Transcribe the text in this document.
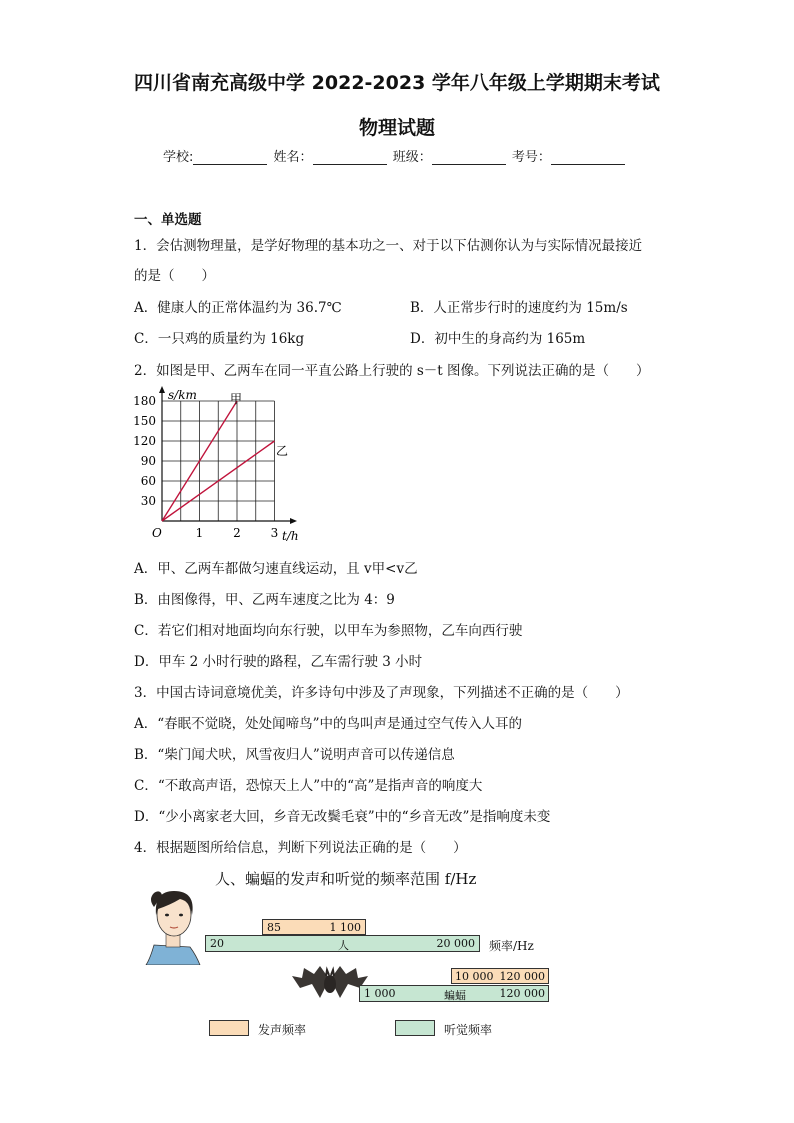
四川省南充高级中学 2022-2023 学年八年级上学期期末考试
物理试题
学校:	姓名：	班级：	考号：
一、单选题
1．会估测物理量，是学好物理的基本功之一、对于以下估测你认为与实际情况最接近
的是（　　）
A．健康人的正常体温约为 36.7℃	B．人正常步行时的速度约为 15m/s
C．一只鸡的质量约为 16kg	D．初中生的身高约为 165m
2．如图是甲、乙两车在同一平直公路上行驶的 s－t 图像。下列说法正确的是（　　）
180
150
120
90
60
30
1 2 3
s/km
t/h
O
甲
乙
A．甲、乙两车都做匀速直线运动，且 v甲<v乙
B．由图像得，甲、乙两车速度之比为 4：9
C．若它们相对地面均向东行驶，以甲车为参照物，乙车向西行驶
D．甲车 2 小时行驶的路程，乙车需行驶 3 小时
3．中国古诗词意境优美，许多诗句中涉及了声现象，下列描述不正确的是（　　）
A．“春眠不觉晓，处处闻啼鸟”中的鸟叫声是通过空气传入人耳的
B．“柴门闻犬吠，风雪夜归人”说明声音可以传递信息
C．“不敢高声语，恐惊天上人”中的“高”是指声音的响度大
D．“少小离家老大回，乡音无改鬓毛衰”中的“乡音无改”是指响度未变
4．根据题图所给信息，判断下列说法正确的是（　　）
人、蝙蝠的发声和听觉的频率范围 f/Hz
85	1 100
20	人	20 000 频率/Hz
10 000 120 000
1 000	蝙蝠	120 000
发声频率	听觉频率
